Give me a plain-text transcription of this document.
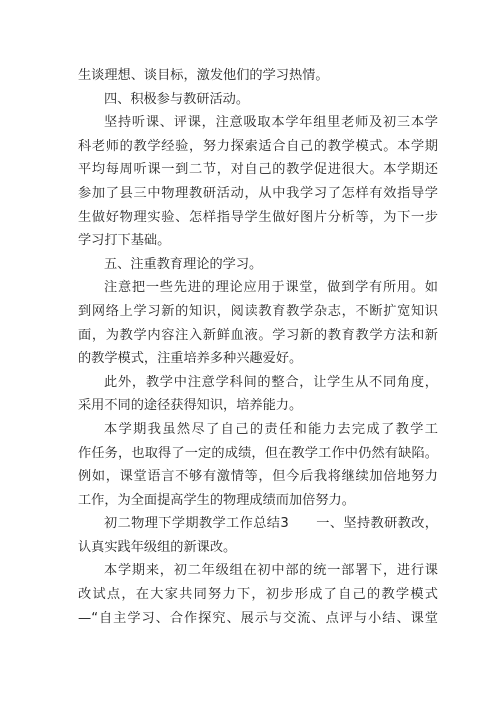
生谈理想、谈目标，激发他们的学习热情。
四、积极参与教研活动。
坚持听课、评课，注意吸取本学年组里老师及初三本学
科老师的教学经验，努力探索适合自己的教学模式。本学期
平均每周听课一到二节，对自己的教学促进很大。本学期还
参加了县三中物理教研活动，从中我学习了怎样有效指导学
生做好物理实验、怎样指导学生做好图片分析等，为下一步
学习打下基础。
五、注重教育理论的学习。
注意把一些先进的理论应用于课堂，做到学有所用。如
到网络上学习新的知识，阅读教育教学杂志，不断扩宽知识
面，为教学内容注入新鲜血液。学习新的教育教学方法和新
的教学模式，注重培养多种兴趣爱好。
此外，教学中注意学科间的整合，让学生从不同角度，
采用不同的途径获得知识，培养能力。
本学期我虽然尽了自己的责任和能力去完成了教学工
作任务，也取得了一定的成绩，但在教学工作中仍然有缺陷。
例如，课堂语言不够有激情等，但今后我将继续加倍地努力
工作，为全面提高学生的物理成绩而加倍努力。
初二物理下学期教学工作总结3　　一、坚持教研教改，
认真实践年级组的新课改。
本学期来，初二年级组在初中部的统一部署下，进行课
改试点，在大家共同努力下，初步形成了自己的教学模式
—“自主学习、合作探究、展示与交流、点评与小结、课堂
